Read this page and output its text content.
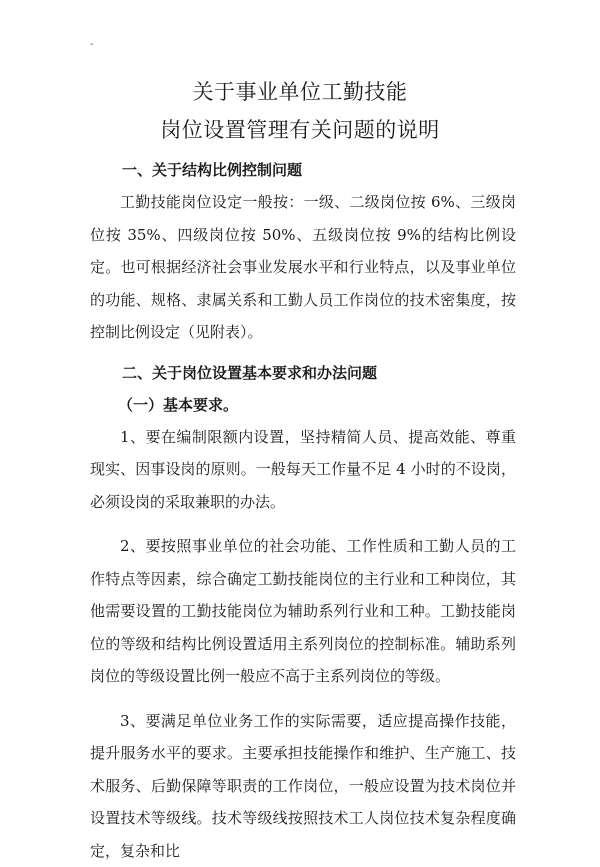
-
关于事业单位工勤技能
岗位设置管理有关问题的说明
一、关于结构比例控制问题

工勤技能岗位设定一般按：一级、二级岗位按 6%、三级岗位按 35%、四级岗位按 50%、五级岗位按 9%的结构比例设定。也可根据经济社会事业发展水平和行业特点，以及事业单位的功能、规格、隶属关系和工勤人员工作岗位的技术密集度，按控制比例设定（见附表）。

二、关于岗位设置基本要求和办法问题
（一）基本要求。

1、要在编制限额内设置，坚持精简人员、提高效能、尊重现实、因事设岗的原则。一般每天工作量不足 4 小时的不设岗，必须设岗的采取兼职的办法。

2、要按照事业单位的社会功能、工作性质和工勤人员的工作特点等因素，综合确定工勤技能岗位的主行业和工种岗位，其他需要设置的工勤技能岗位为辅助系列行业和工种。工勤技能岗位的等级和结构比例设置适用主系列岗位的控制标准。辅助系列岗位的等级设置比例一般应不高于主系列岗位的等级。

3、要满足单位业务工作的实际需要，适应提高操作技能，提升服务水平的要求。主要承担技能操作和维护、生产施工、技术服务、后勤保障等职责的工作岗位，一般应设置为技术岗位并设置技术等级线。技术等级线按照技术工人岗位技术复杂程度确定，复杂和比
